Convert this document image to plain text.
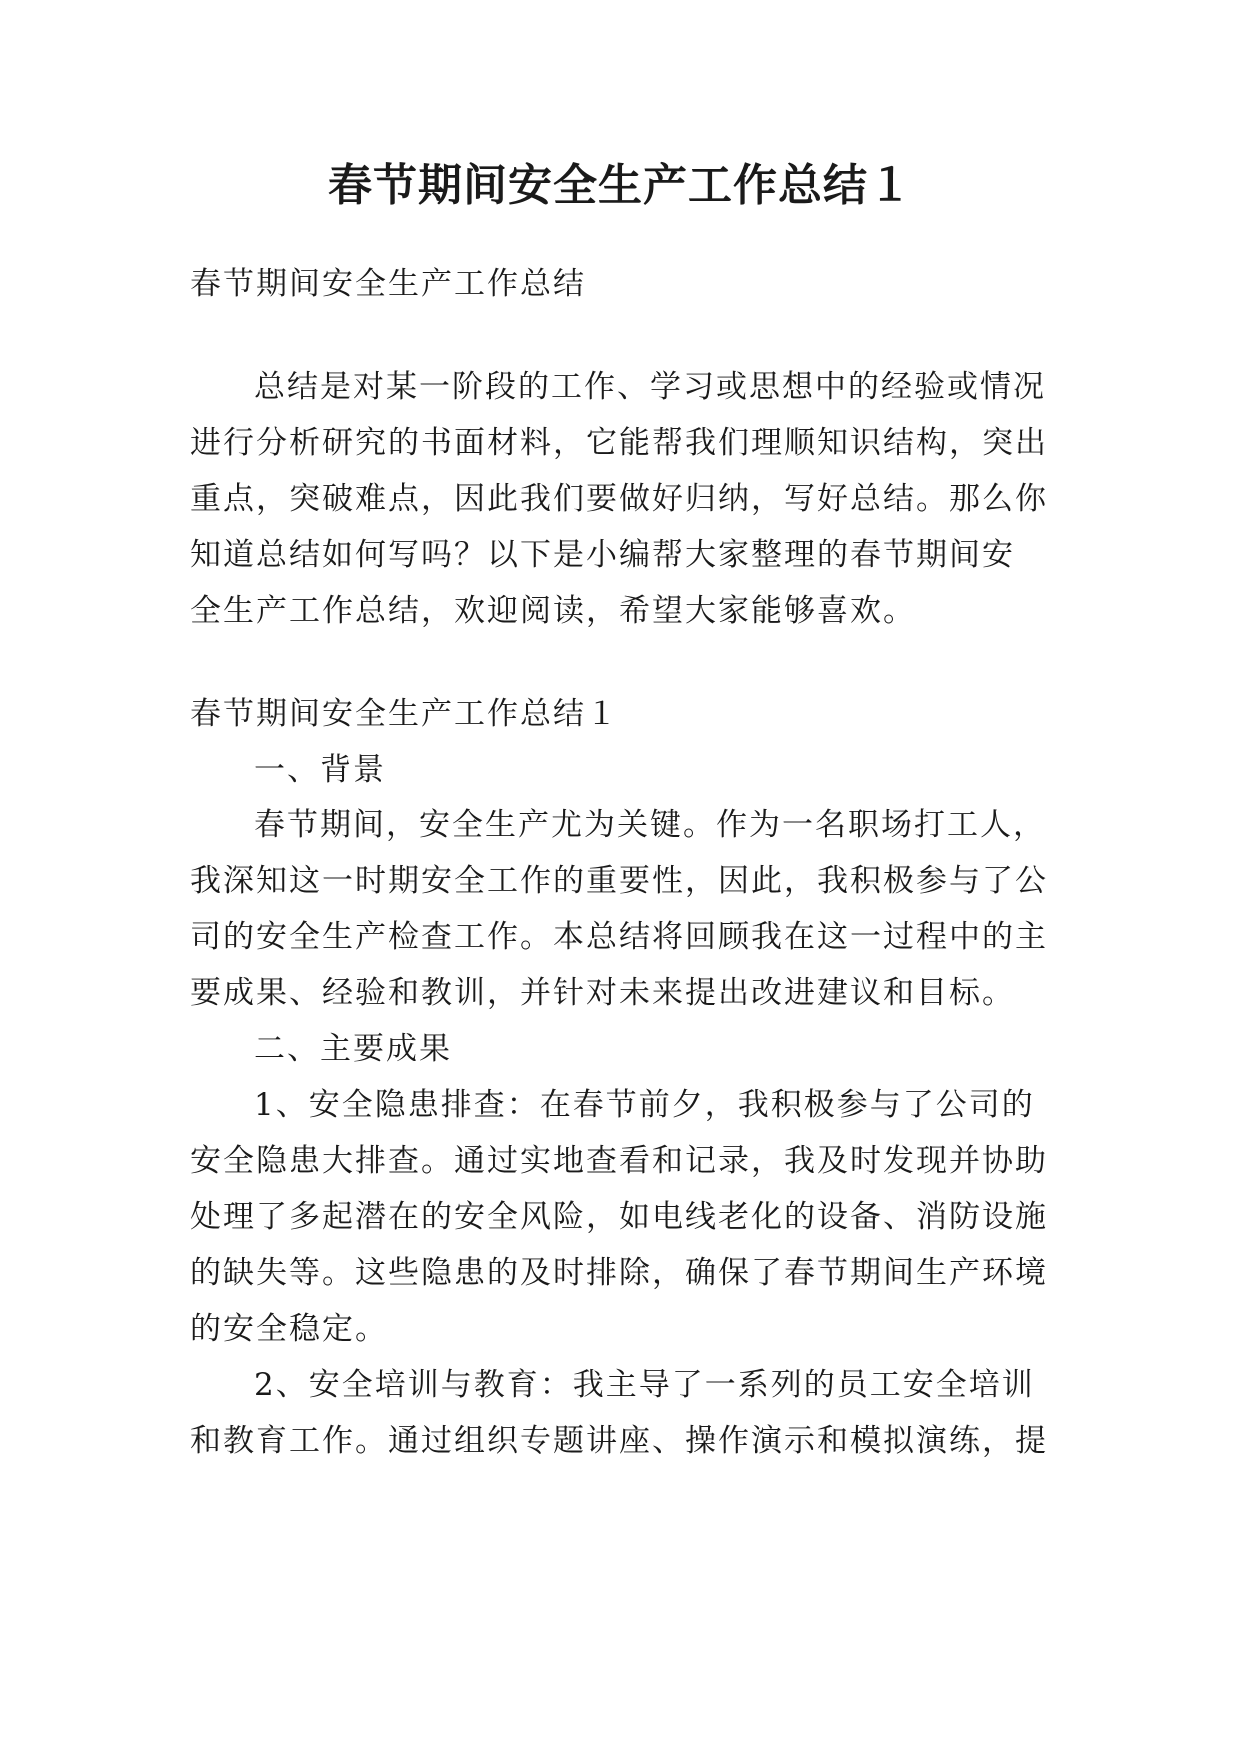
春节期间安全生产工作总结１
春节期间安全生产工作总结
总结是对某一阶段的工作、学习或思想中的经验或情况
进行分析研究的书面材料，它能帮我们理顺知识结构，突出
重点，突破难点，因此我们要做好归纳，写好总结。那么你
知道总结如何写吗？以下是小编帮大家整理的春节期间安
全生产工作总结，欢迎阅读，希望大家能够喜欢。
春节期间安全生产工作总结１
一、背景
春节期间，安全生产尤为关键。作为一名职场打工人，
我深知这一时期安全工作的重要性，因此，我积极参与了公
司的安全生产检查工作。本总结将回顾我在这一过程中的主
要成果、经验和教训，并针对未来提出改进建议和目标。
二、主要成果
1、安全隐患排查：在春节前夕，我积极参与了公司的
安全隐患大排查。通过实地查看和记录，我及时发现并协助
处理了多起潜在的安全风险，如电线老化的设备、消防设施
的缺失等。这些隐患的及时排除，确保了春节期间生产环境
的安全稳定。
2、安全培训与教育：我主导了一系列的员工安全培训
和教育工作。通过组织专题讲座、操作演示和模拟演练，提
